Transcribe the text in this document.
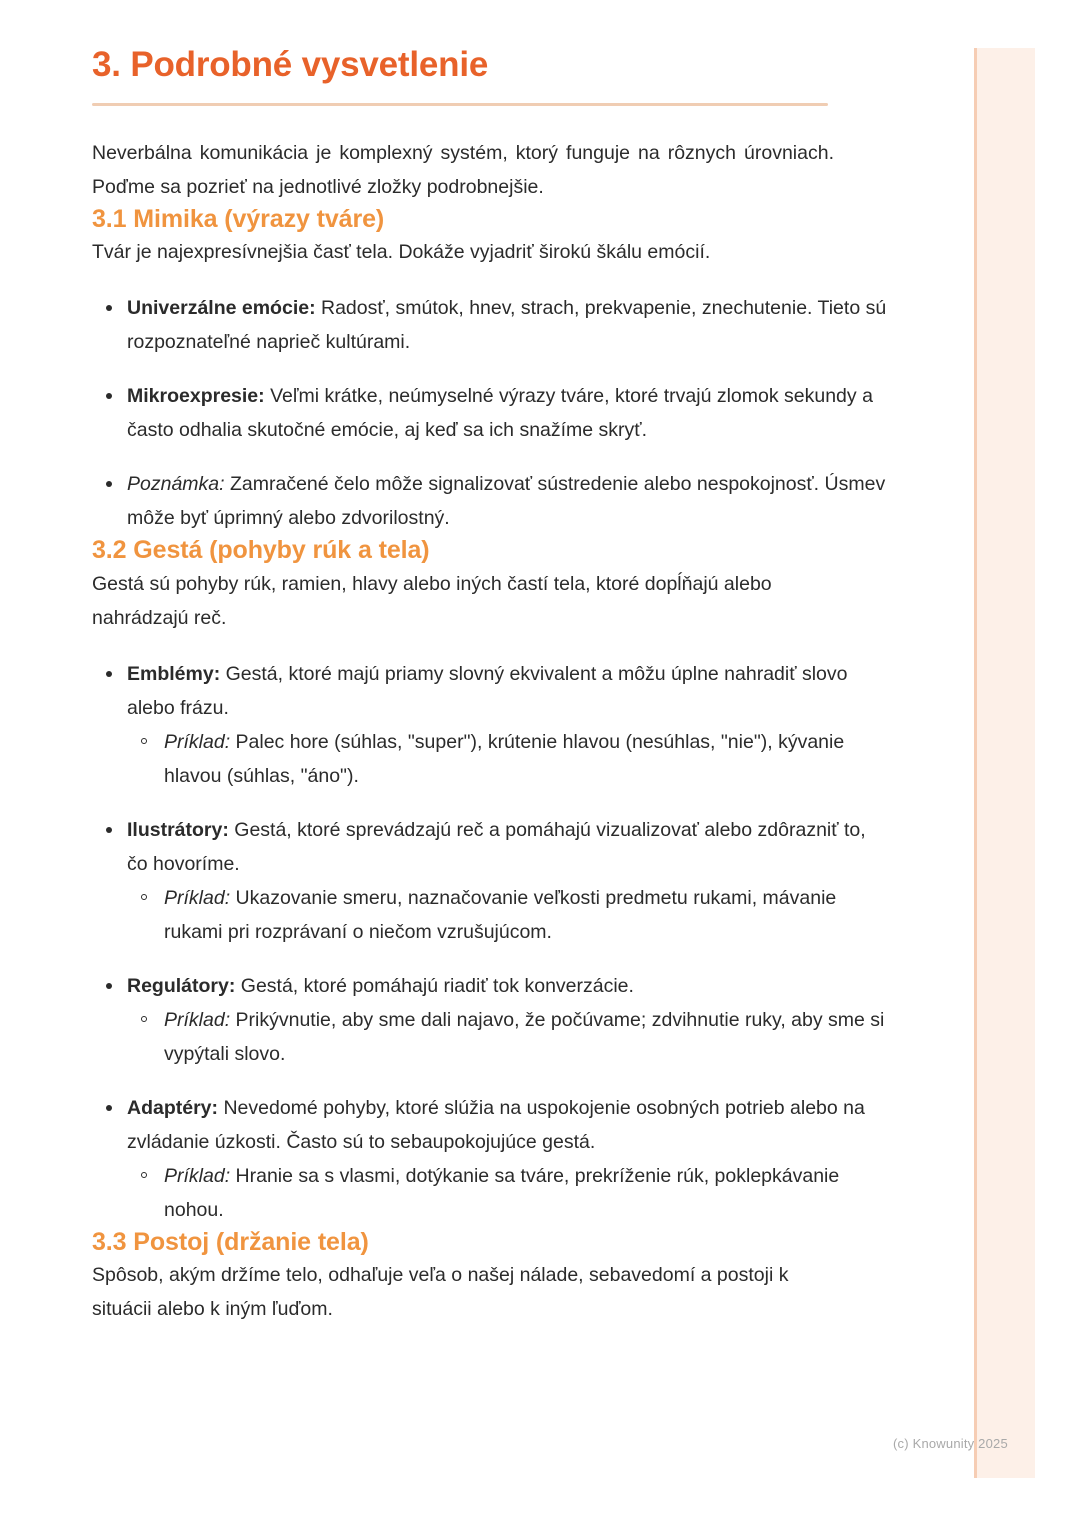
3. Podrobné vysvetlenie

Neverbálna komunikácia je komplexný systém, ktorý funguje na rôznych úrovniach. Poďme sa pozrieť na jednotlivé zložky podrobnejšie.

3.1 Mimika (výrazy tváre)

Tvár je najexpresívnejšia časť tela. Dokáže vyjadriť širokú škálu emócií.

Univerzálne emócie: Radosť, smútok, hnev, strach, prekvapenie, znechutenie. Tieto sú rozpoznateľné naprieč kultúrami.
Mikroexpresie: Veľmi krátke, neúmyselné výrazy tváre, ktoré trvajú zlomok sekundy a často odhalia skutočné emócie, aj keď sa ich snažíme skryť.
Poznámka: Zamračené čelo môže signalizovať sústredenie alebo nespokojnosť. Úsmev môže byť úprimný alebo zdvorilostný.
3.2 Gestá (pohyby rúk a tela)

Gestá sú pohyby rúk, ramien, hlavy alebo iných častí tela, ktoré dopĺňajú alebo nahrádzajú reč.

Emblémy: Gestá, ktoré majú priamy slovný ekvivalent a môžu úplne nahradiť slovo alebo frázu.
Príklad: Palec hore (súhlas, "super"), krútenie hlavou (nesúhlas, "nie"), kývanie hlavou (súhlas, "áno").
Ilustrátory: Gestá, ktoré sprevádzajú reč a pomáhajú vizualizovať alebo zdôrazniť to, čo hovoríme.
Príklad: Ukazovanie smeru, naznačovanie veľkosti predmetu rukami, mávanie rukami pri rozprávaní o niečom vzrušujúcom.
Regulátory: Gestá, ktoré pomáhajú riadiť tok konverzácie.
Príklad: Prikývnutie, aby sme dali najavo, že počúvame; zdvihnutie ruky, aby sme si vypýtali slovo.
Adaptéry: Nevedomé pohyby, ktoré slúžia na uspokojenie osobných potrieb alebo na zvládanie úzkosti. Často sú to sebaupokojujúce gestá.
Príklad: Hranie sa s vlasmi, dotýkanie sa tváre, prekríženie rúk, poklepkávanie nohou.
3.3 Postoj (držanie tela)

Spôsob, akým držíme telo, odhaľuje veľa o našej nálade, sebavedomí a postoji k situácii alebo k iným ľuďom.

(c) Knowunity 2025
